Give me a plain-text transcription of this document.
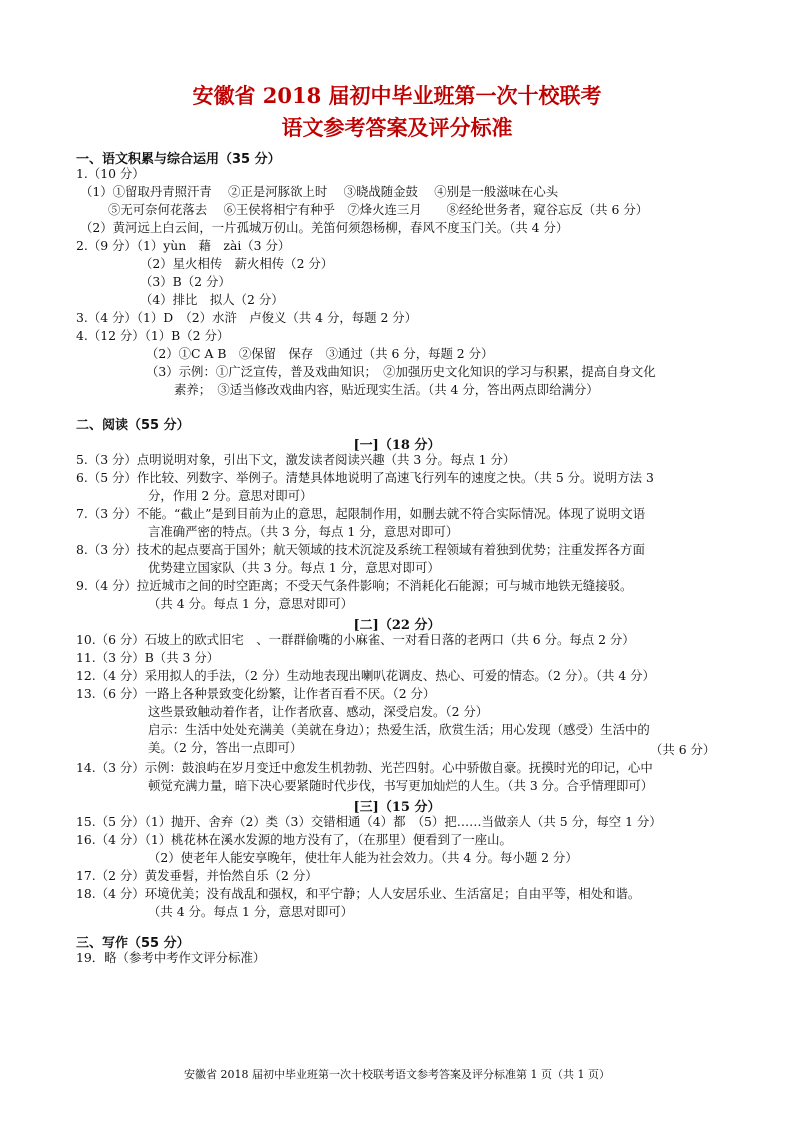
安徽省 2018 届初中毕业班第一次十校联考
语文参考答案及评分标准
一、语文积累与综合运用（35 分）
1.（10 分）
（1）①留取丹青照汗青　 ②正是河豚欲上时　 ③晓战随金鼓　 ④别是一般滋味在心头
⑤无可奈何花落去　 ⑥王侯将相宁有种乎　⑦烽火连三月　　⑧经纶世务者，窥谷忘反（共 6 分）
（2）黄河远上白云间，一片孤城万仞山。羌笛何须怨杨柳，春风不度玉门关。（共 4 分）
2.（9 分）（1）yùn　藉　zài（3 分）
（2）星火相传　薪火相传（2 分）
（3）B（2 分）
（4）排比　拟人（2 分）
3.（4 分）（1）D　（2）水浒　卢俊义（共 4 分，每题 2 分）
4.（12 分）（1）B（2 分）
（2）①C A B　②保留　保存　③通过（共 6 分，每题 2 分）
（3）示例：①广泛宣传，普及戏曲知识；　②加强历史文化知识的学习与积累，提高自身文化
素养；　③适当修改戏曲内容，贴近现实生活。（共 4 分，答出两点即给满分）
二、阅读（55 分）
[一]（18 分）
5.（3 分）点明说明对象，引出下文，激发读者阅读兴趣（共 3 分。每点 1 分）
6.（5 分）作比较、列数字、举例子。清楚具体地说明了高速飞行列车的速度之快。（共 5 分。说明方法 3
分，作用 2 分。意思对即可）
7.（3 分）不能。“截止”是到目前为止的意思，起限制作用，如删去就不符合实际情况。体现了说明文语
言准确严密的特点。（共 3 分，每点 1 分，意思对即可）
8.（3 分）技术的起点要高于国外；航天领域的技术沉淀及系统工程领域有着独到优势；注重发挥各方面
优势建立国家队（共 3 分。每点 1 分，意思对即可）
9.（4 分）拉近城市之间的时空距离；不受天气条件影响；不消耗化石能源；可与城市地铁无缝接驳。
（共 4 分。每点 1 分，意思对即可）
[二]（22 分）
10.（6 分）石坡上的欧式旧宅　、一群群偷嘴的小麻雀、一对看日落的老两口（共 6 分。每点 2 分）
11.（3 分）B（共 3 分）
12.（4 分）采用拟人的手法，（2 分）生动地表现出喇叭花调皮、热心、可爱的情态。（2 分）。（共 4 分）
13.（6 分）一路上各种景致变化纷繁，让作者百看不厌。（2 分）
这些景致触动着作者，让作者欣喜、感动，深受启发。（2 分）
启示：生活中处处充满美（美就在身边）；热爱生活，欣赏生活；用心发现（感受）生活中的
美。（2 分，答出一点即可）	（共 6 分）
14.（3 分）示例：鼓浪屿在岁月变迁中愈发生机勃勃、光芒四射。心中骄傲自豪。抚摸时光的印记，心中
顿觉充满力量，暗下决心要紧随时代步伐，书写更加灿烂的人生。（共 3 分。合乎情理即可）
[三]（15 分）
15.（5 分）（1）抛开、舍弃（2）类（3）交错相通（4）都　（5）把……当做亲人（共 5 分，每空 1 分）
16.（4 分）（1）桃花林在溪水发源的地方没有了，（在那里）便看到了一座山。
（2）使老年人能安享晚年，使壮年人能为社会效力。（共 4 分。每小题 2 分）
17.（2 分）黄发垂髫，并怡然自乐（2 分）
18.（4 分）环境优美；没有战乱和强权，和平宁静；人人安居乐业、生活富足；自由平等，相处和谐。
（共 4 分。每点 1 分，意思对即可）
三、写作（55 分）
19．略（参考中考作文评分标准）
安徽省 2018 届初中毕业班第一次十校联考语文参考答案及评分标准第 1 页（共 1 页）
